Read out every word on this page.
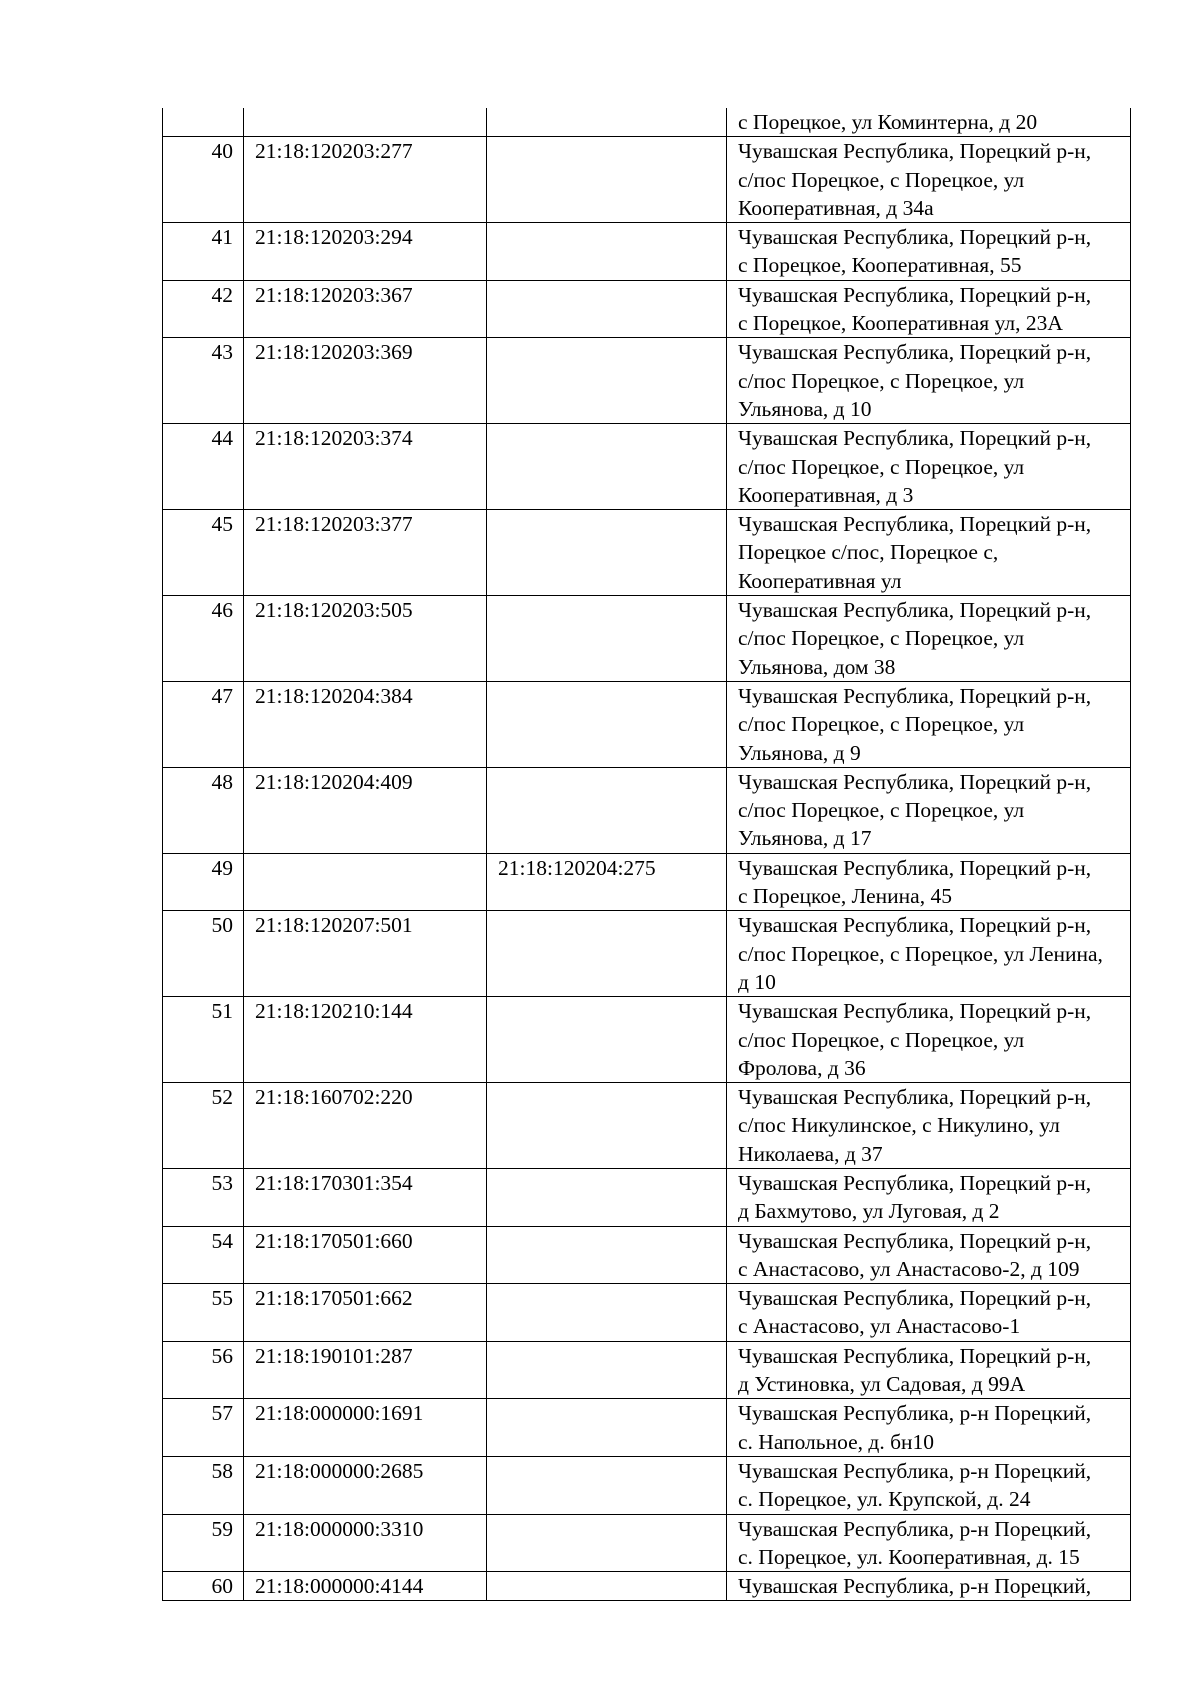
			с Порецкое, ул Коминтерна, д 20

40	21:18:120203:277		Чувашская Республика, Порецкий р-н,
с/пос Порецкое, с Порецкое, ул
Кооперативная, д 34а

41	21:18:120203:294		Чувашская Республика, Порецкий р-н,
с Порецкое, Кооперативная, 55

42	21:18:120203:367		Чувашская Республика, Порецкий р-н,
с Порецкое, Кооперативная ул, 23А

43	21:18:120203:369		Чувашская Республика, Порецкий р-н,
с/пос Порецкое, с Порецкое, ул
Ульянова, д 10

44	21:18:120203:374		Чувашская Республика, Порецкий р-н,
с/пос Порецкое, с Порецкое, ул
Кооперативная, д 3

45	21:18:120203:377		Чувашская Республика, Порецкий р-н,
Порецкое с/пос, Порецкое с,
Кооперативная ул

46	21:18:120203:505		Чувашская Республика, Порецкий р-н,
с/пос Порецкое, с Порецкое, ул
Ульянова, дом 38

47	21:18:120204:384		Чувашская Республика, Порецкий р-н,
с/пос Порецкое, с Порецкое, ул
Ульянова, д 9

48	21:18:120204:409		Чувашская Республика, Порецкий р-н,
с/пос Порецкое, с Порецкое, ул
Ульянова, д 17

49		21:18:120204:275	Чувашская Республика, Порецкий р-н,
с Порецкое, Ленина, 45

50	21:18:120207:501		Чувашская Республика, Порецкий р-н,
с/пос Порецкое, с Порецкое, ул Ленина,
д 10

51	21:18:120210:144		Чувашская Республика, Порецкий р-н,
с/пос Порецкое, с Порецкое, ул
Фролова, д 36

52	21:18:160702:220		Чувашская Республика, Порецкий р-н,
с/пос Никулинское, с Никулино, ул
Николаева, д 37

53	21:18:170301:354		Чувашская Республика, Порецкий р-н,
д Бахмутово, ул Луговая, д 2

54	21:18:170501:660		Чувашская Республика, Порецкий р-н,
с Анастасово, ул Анастасово-2, д 109

55	21:18:170501:662		Чувашская Республика, Порецкий р-н,
с Анастасово, ул Анастасово-1

56	21:18:190101:287		Чувашская Республика, Порецкий р-н,
д Устиновка, ул Садовая, д 99А

57	21:18:000000:1691		Чувашская Республика, р-н Порецкий,
с. Напольное, д. бн10

58	21:18:000000:2685		Чувашская Республика, р-н Порецкий,
с. Порецкое, ул. Крупской, д. 24

59	21:18:000000:3310		Чувашская Республика, р-н Порецкий,
с. Порецкое, ул. Кооперативная, д. 15

60	21:18:000000:4144		Чувашская Республика, р-н Порецкий,
